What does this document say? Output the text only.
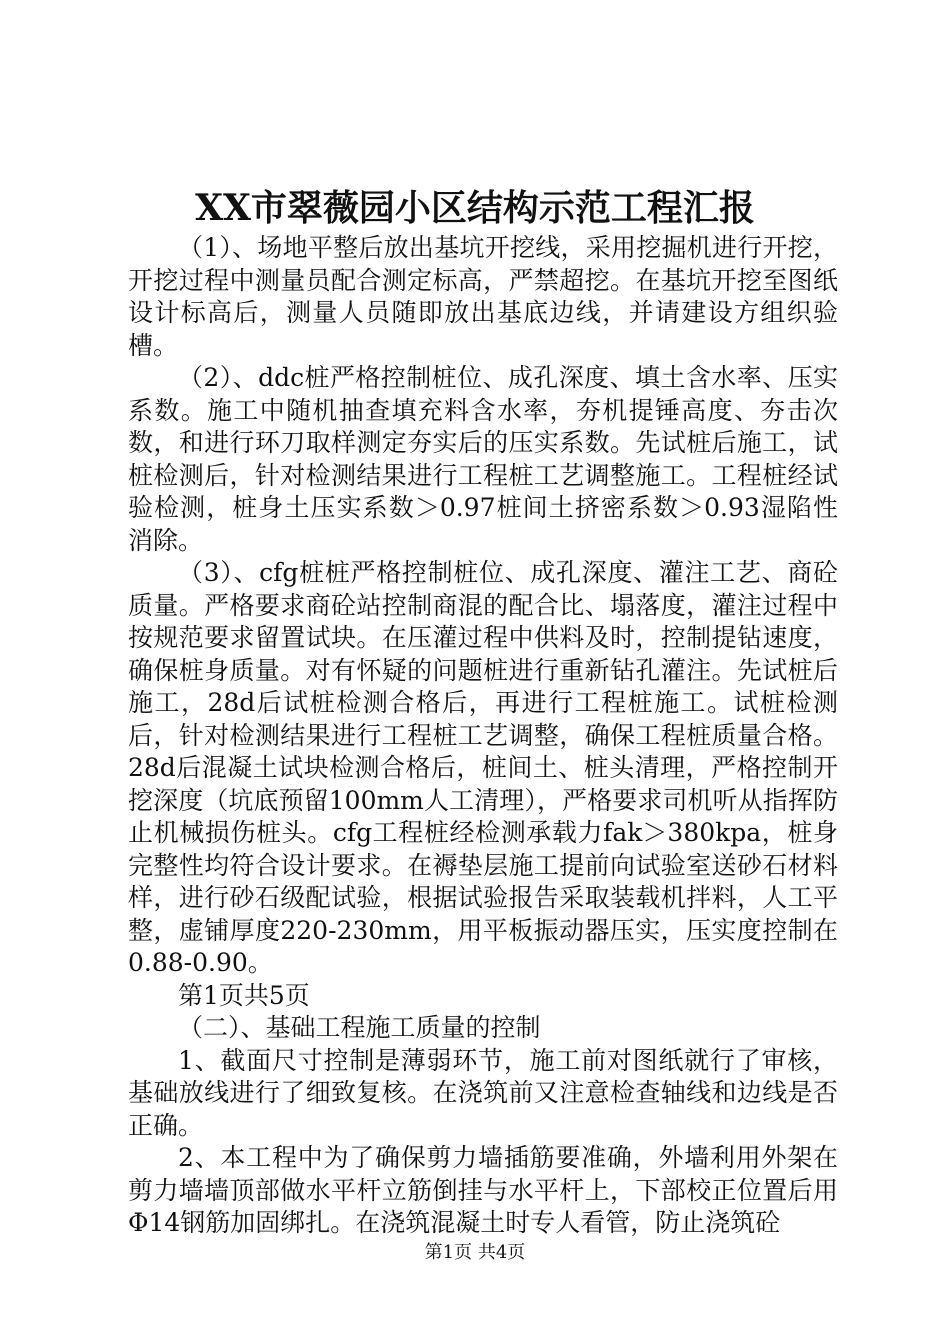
XX市翠薇园小区结构示范工程汇报

（1）、场地平整后放出基坑开挖线，采用挖掘机进行开挖，开挖过程中测量员配合测定标高，严禁超挖。在基坑开挖至图纸设计标高后，测量人员随即放出基底边线，并请建设方组织验槽。

（2）、ddc桩严格控制桩位、成孔深度、填土含水率、压实系数。施工中随机抽查填充料含水率，夯机提锤高度、夯击次数，和进行环刀取样测定夯实后的压实系数。先试桩后施工，试桩检测后，针对检测结果进行工程桩工艺调整施工。工程桩经试验检测，桩身土压实系数＞0.97桩间土挤密系数＞0.93湿陷性消除。

（3）、cfg桩桩严格控制桩位、成孔深度、灌注工艺、商砼质量。严格要求商砼站控制商混的配合比、塌落度，灌注过程中按规范要求留置试块。在压灌过程中供料及时，控制提钻速度，确保桩身质量。对有怀疑的问题桩进行重新钻孔灌注。先试桩后施工，28d后试桩检测合格后，再进行工程桩施工。试桩检测后，针对检测结果进行工程桩工艺调整，确保工程桩质量合格。28d后混凝土试块检测合格后，桩间土、桩头清理，严格控制开挖深度（坑底预留100mm人工清理），严格要求司机听从指挥防止机械损伤桩头。cfg工程桩经检测承载力fak＞380kpa，桩身完整性均符合设计要求。在褥垫层施工提前向试验室送砂石材料样，进行砂石级配试验，根据试验报告采取装载机拌料，人工平整，虚铺厚度220-230mm，用平板振动器压实，压实度控制在0.88-0.90。

第1页共5页

（二）、基础工程施工质量的控制

1、截面尺寸控制是薄弱环节，施工前对图纸就行了审核，基础放线进行了细致复核。在浇筑前又注意检查轴线和边线是否正确。

2、本工程中为了确保剪力墙插筋要准确，外墙利用外架在剪力墙墙顶部做水平杆立筋倒挂与水平杆上，下部校正位置后用Φ14钢筋加固绑扎。在浇筑混凝土时专人看管，防止浇筑砼

第1页 共4页
